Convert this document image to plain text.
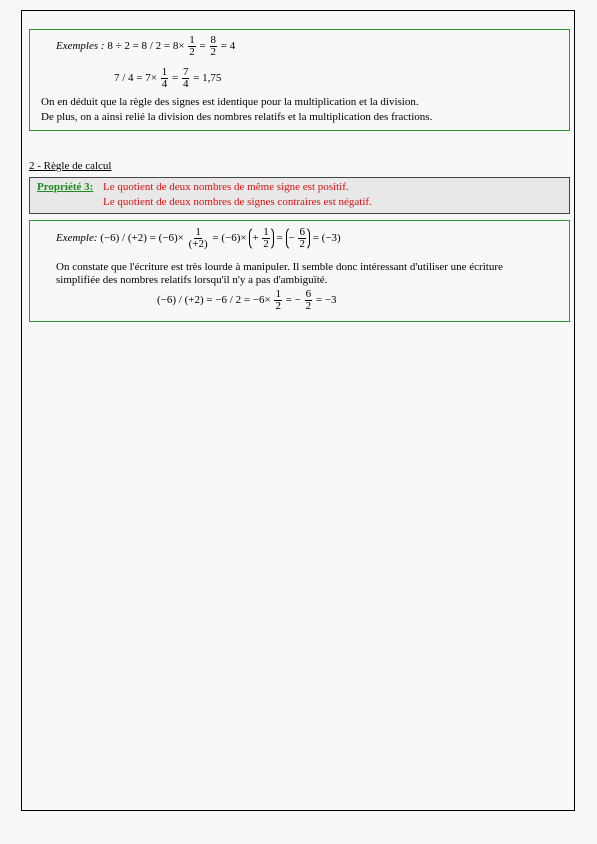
Exemples : $8 \div 2 = 8 / 2 = 8\times \frac{1}{2} = \frac{8}{2} = 4$
$7 / 4 = 7\times \frac{1}{4} = \frac{7}{4} = 1,75$
On en déduit que la règle des signes est identique pour la multiplication et la division.
De plus, on a ainsi relié la division des nombres relatifs et la multiplication des fractions.
2 - Règle de calcul
Propriété 3: Le quotient de deux nombres de même signe est positif.
Le quotient de deux nombres de signes contraires est négatif.
Exemple: $(-6) / (+2) = (-6)\times \frac{1}{(+2)} = (-6)\times + \frac{1}{2}$ = − $\frac{6}{2} = (-3)$
On constate que l'écriture est très lourde à manipuler. Il semble donc intéressant d'utiliser une écriture
simplifiée des nombres relatifs lorsqu'il n'y a pas d'ambiguïté.
$(-6) / (+2) = -6 / 2 = -6\times \frac{1}{2}$ = − $\frac{6}{2} = -3$
